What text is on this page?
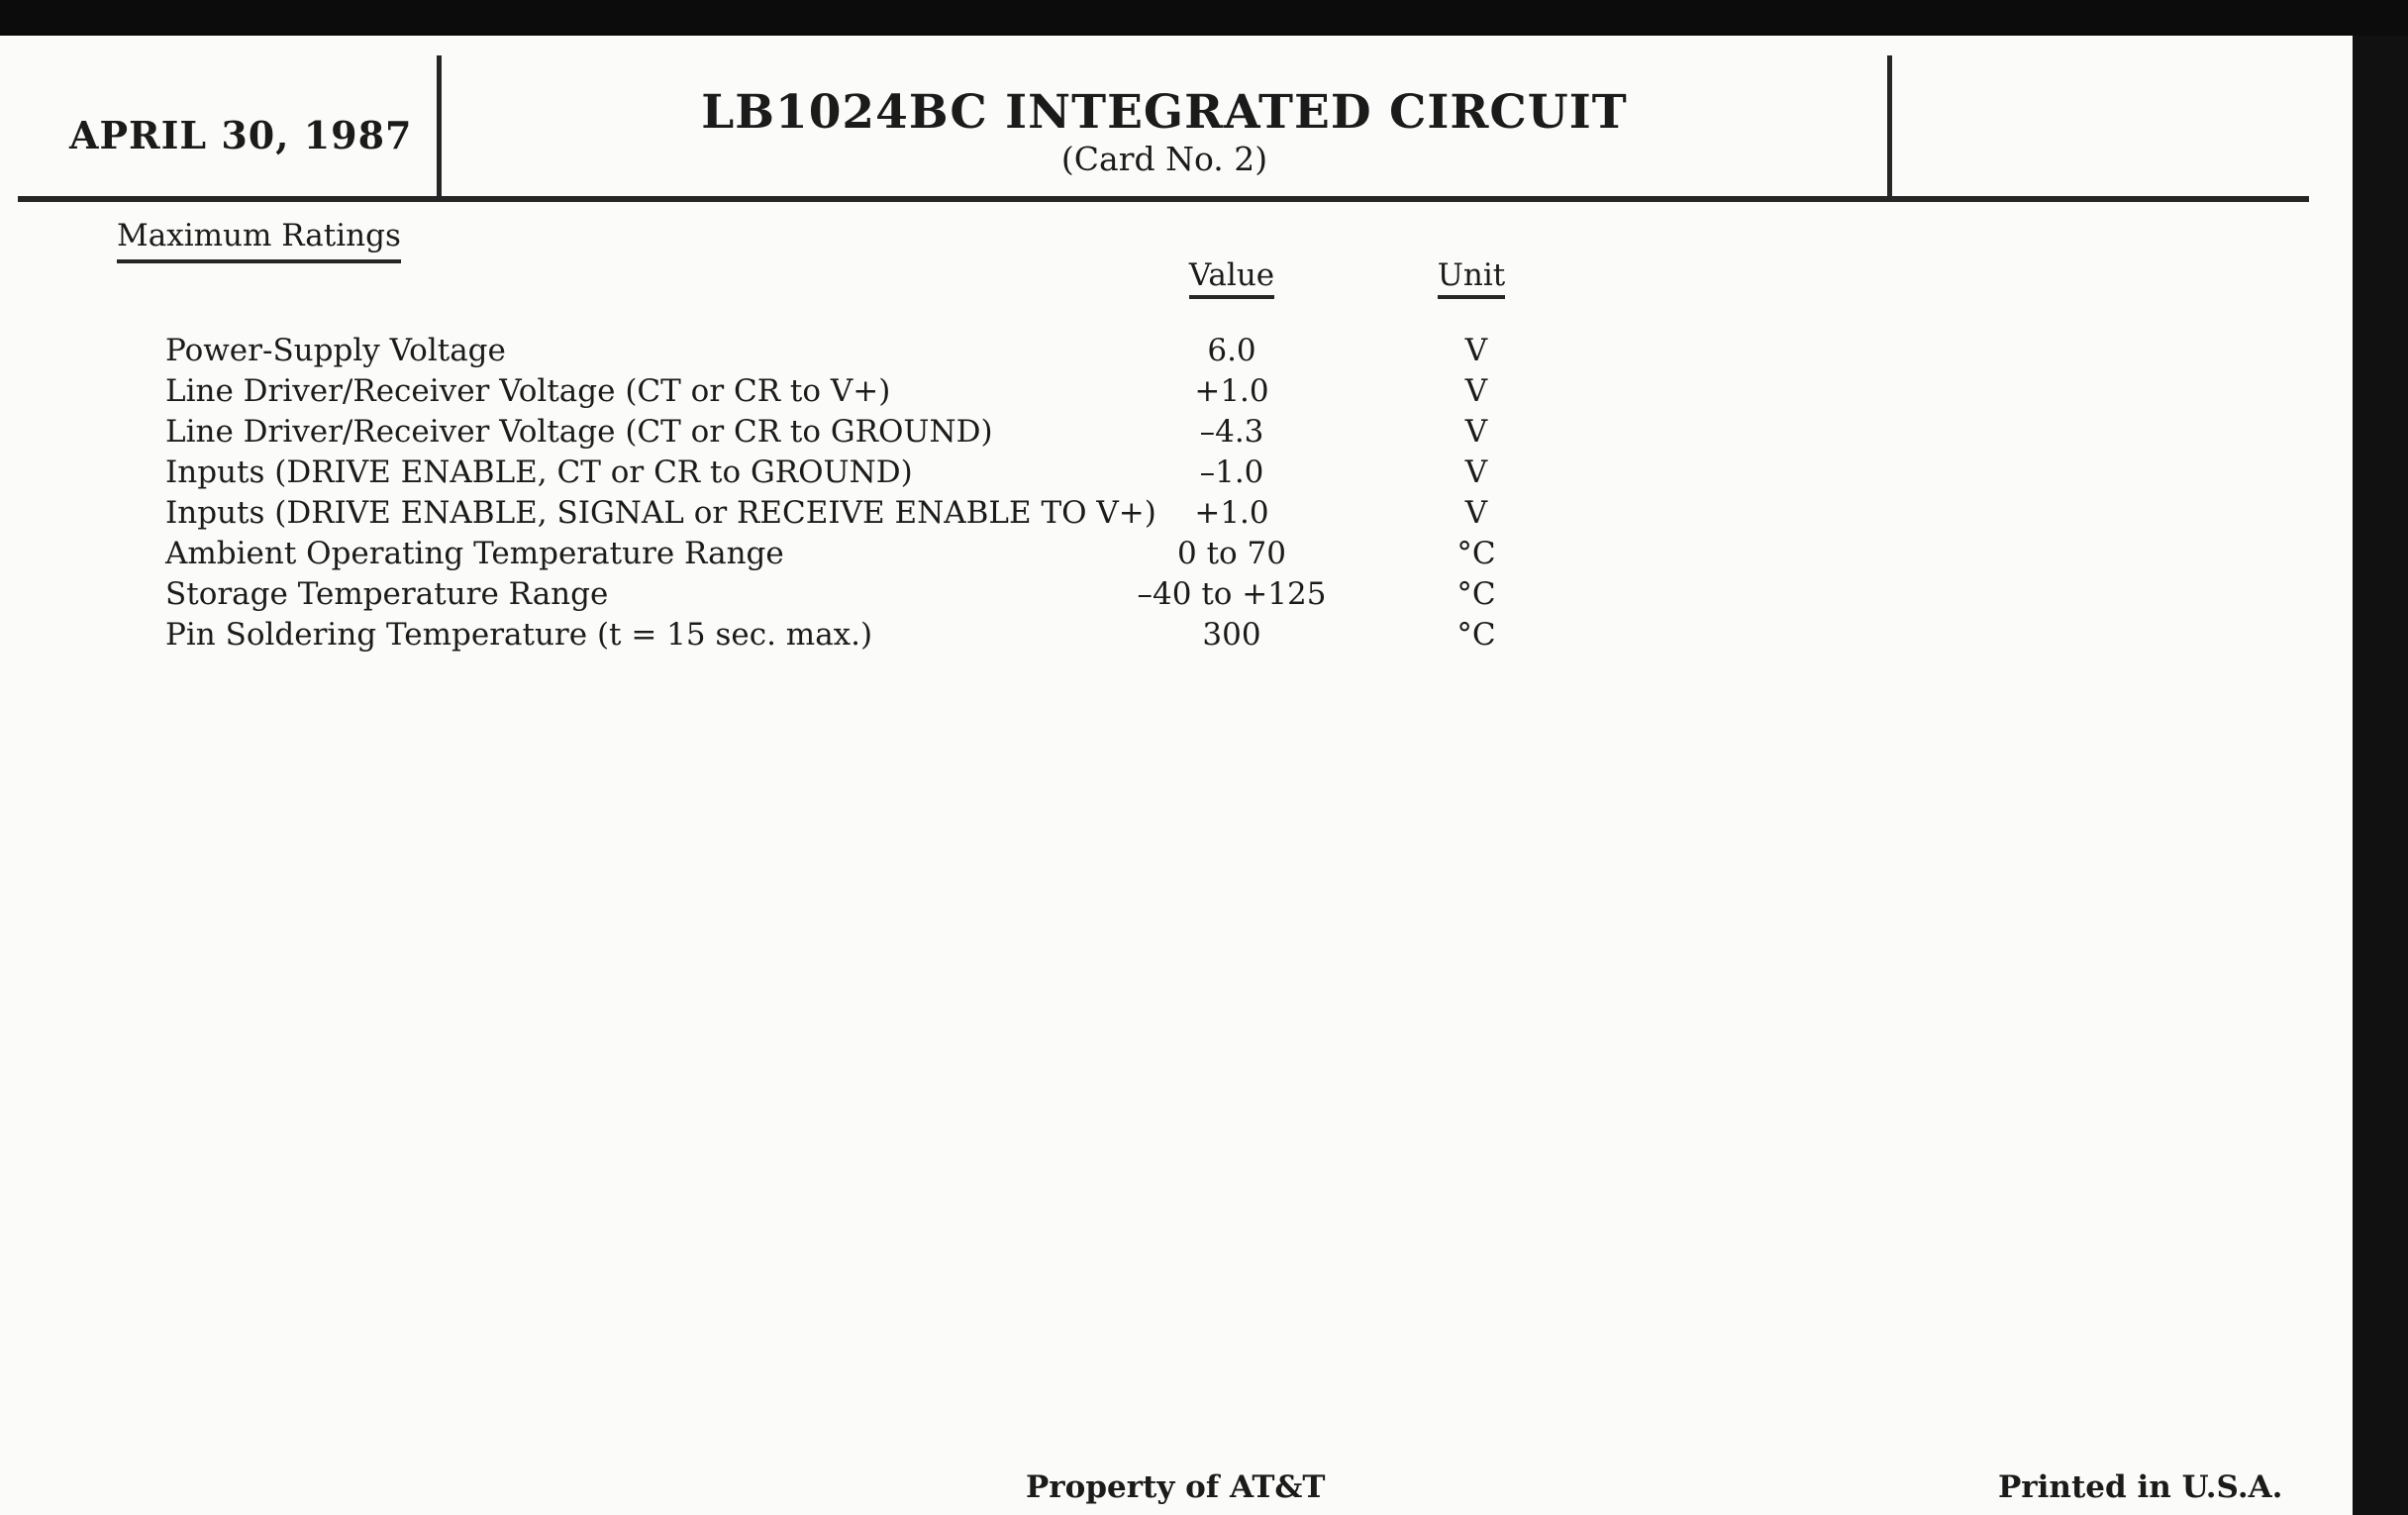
APRIL 30, 1987	LB1024BC INTEGRATED CIRCUIT
(Card No. 2)
Maximum Ratings
Value	Unit
Power-Supply Voltage	6.0	V
Line Driver/Receiver Voltage (CT or CR to V+)	+1.0	V
Line Driver/Receiver Voltage (CT or CR to GROUND)	–4.3	V
Inputs (DRIVE ENABLE, CT or CR to GROUND)	–1.0	V
Inputs (DRIVE ENABLE, SIGNAL or RECEIVE ENABLE TO V+)	+1.0	V
Ambient Operating Temperature Range	0 to 70	°C
Storage Temperature Range	–40 to +125	°C
Pin Soldering Temperature (t = 15 sec. max.)	300	°C
Property of AT&T	Printed in U.S.A.
